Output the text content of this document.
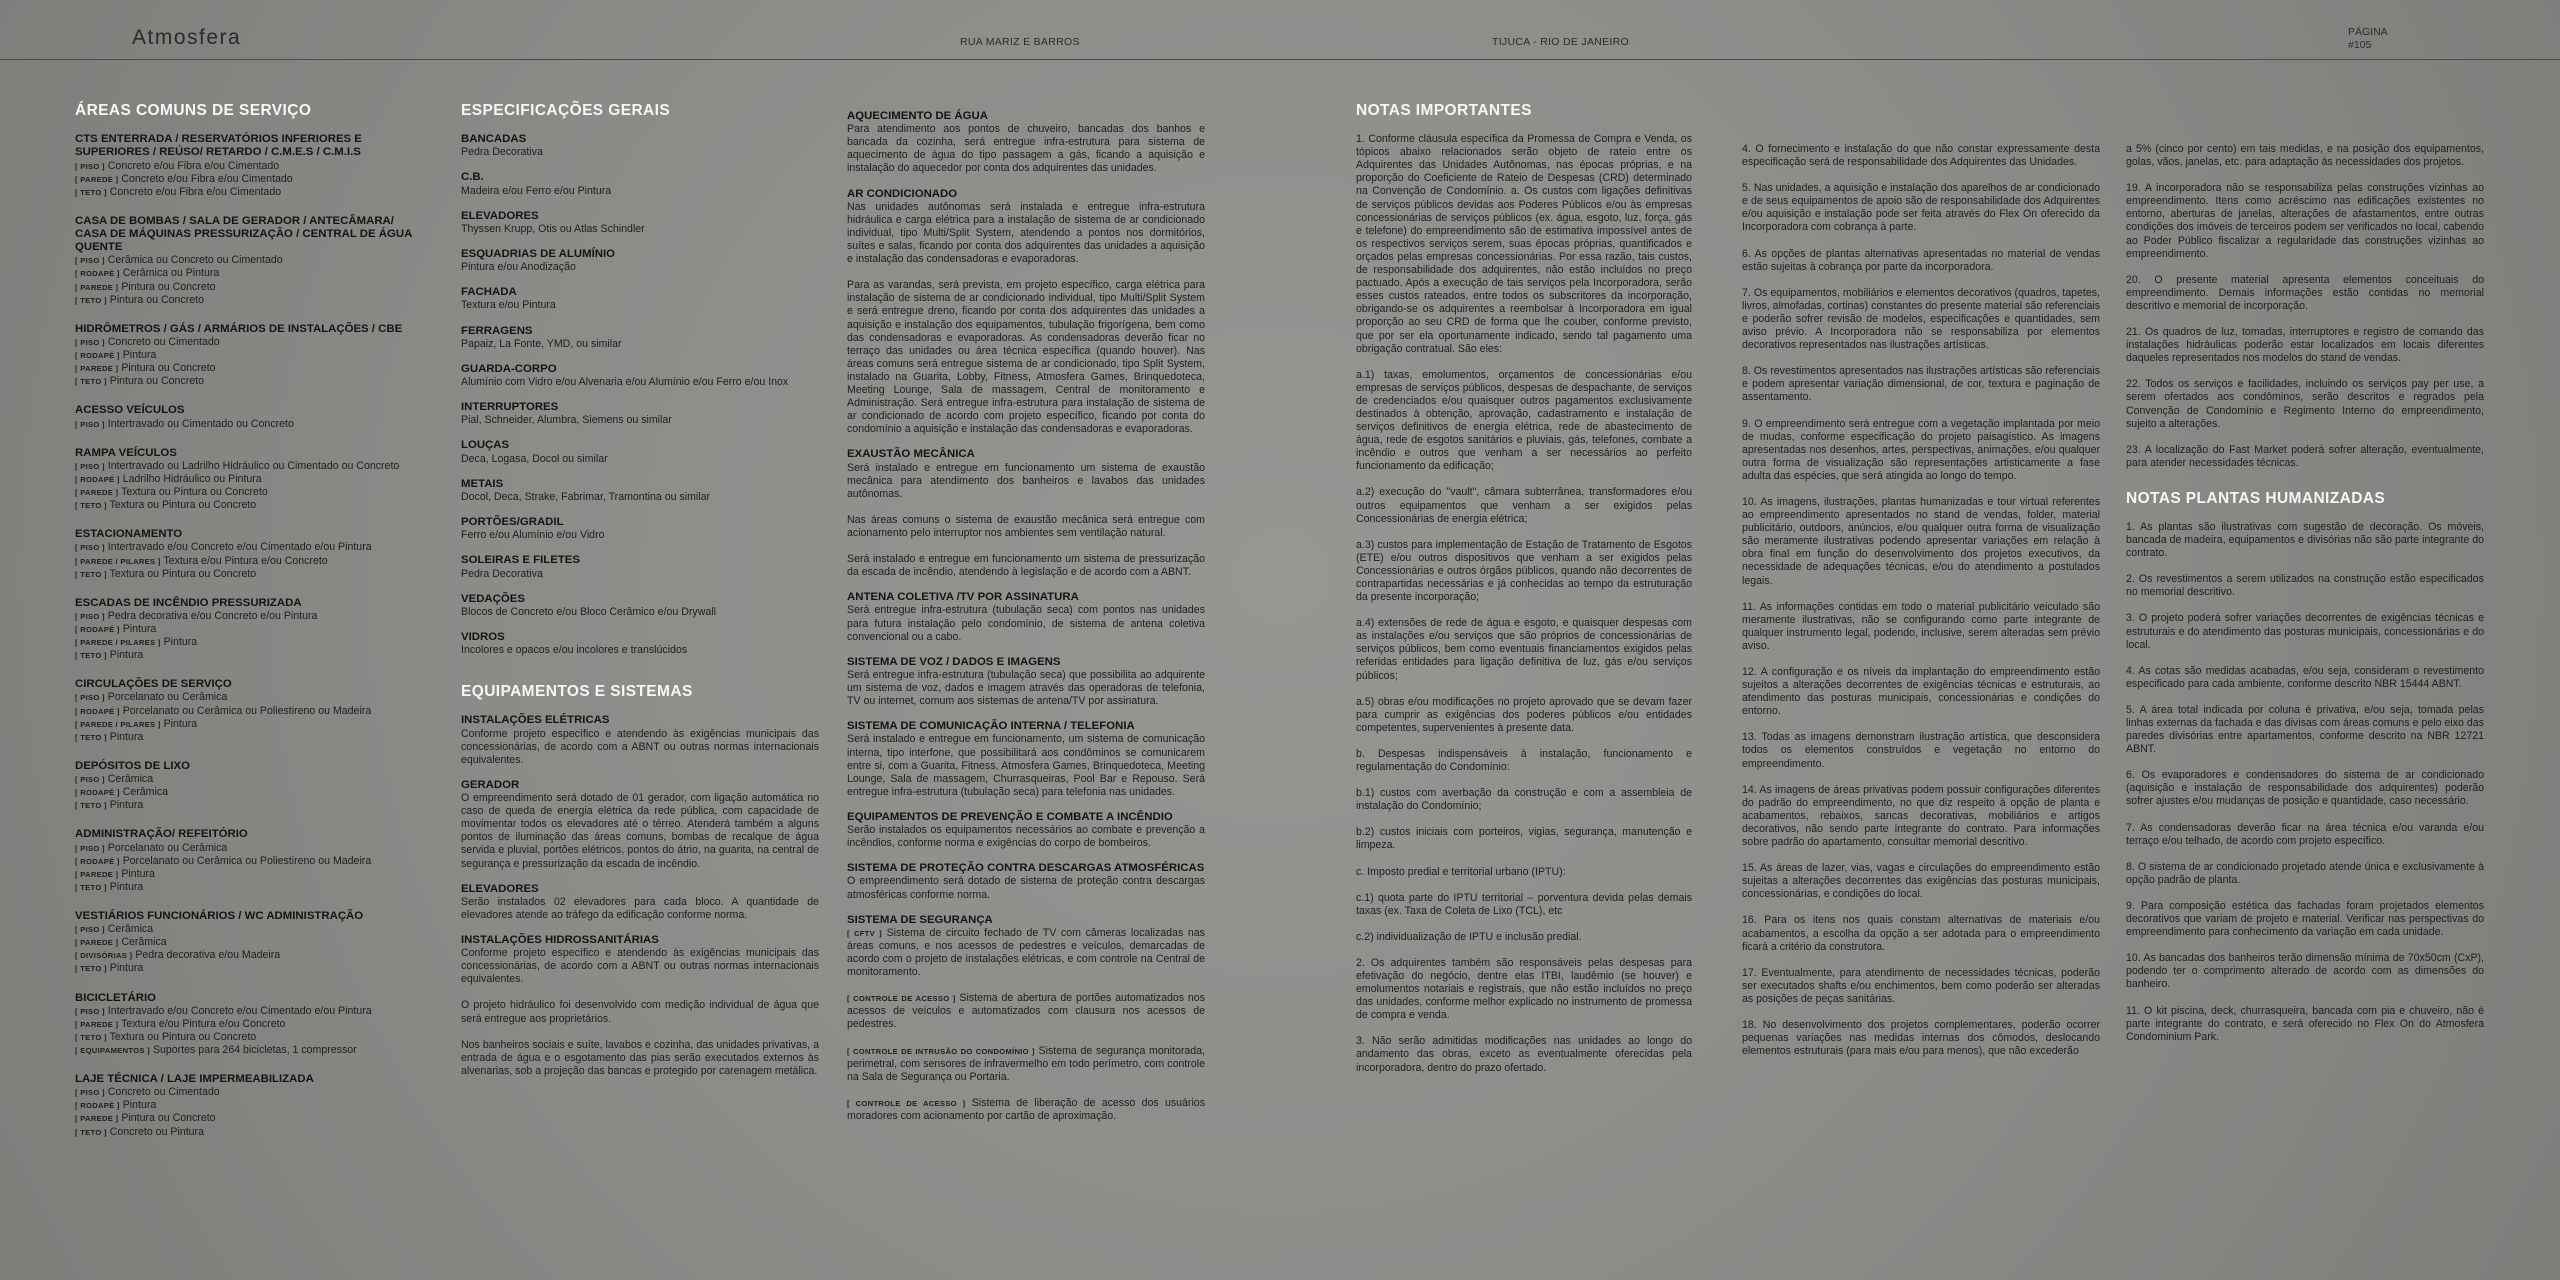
Atmosfera	RUA MARIZ E BARROS	TIJUCA - RIO DE JANEIRO
PÁGINA
#105
ÁREAS COMUNS DE SERVIÇO
CTS ENTERRADA / RESERVATÓRIOS INFERIORES E SUPERIORES / REÚSO/ RETARDO / C.M.E.S / C.M.I.S
[ PISO ] Concreto e/ou Fibra e/ou Cimentado
[ PAREDE ] Concreto e/ou Fibra e/ou Cimentado
[ TETO ] Concreto e/ou Fibra e/ou Cimentado
CASA DE BOMBAS / SALA DE GERADOR / ANTECÂMARA/ CASA DE MÁQUINAS PRESSURIZAÇÃO / CENTRAL DE ÁGUA QUENTE
[ PISO ] Cerâmica ou Concreto ou Cimentado
[ RODAPÉ ] Cerâmica ou Pintura
[ PAREDE ] Pintura ou Concreto
[ TETO ] Pintura ou Concreto
HIDRÔMETROS / GÁS / ARMÁRIOS DE INSTALAÇÕES / CBE
[ PISO ] Concreto ou Cimentado
[ RODAPÉ ] Pintura
[ PAREDE ] Pintura ou Concreto
[ TETO ] Pintura ou Concreto
ACESSO VEÍCULOS
[ PISO ] Intertravado ou Cimentado ou Concreto
RAMPA VEÍCULOS
[ PISO ] Intertravado ou Ladrilho Hidráulico ou Cimentado ou Concreto
[ RODAPÉ ] Ladrilho Hidráulico ou Pintura
[ PAREDE ] Textura ou Pintura ou Concreto
[ TETO ] Textura ou Pintura ou Concreto
ESTACIONAMENTO
[ PISO ] Intertravado e/ou Concreto e/ou Cimentado e/ou Pintura
[ PAREDE / PILARES ] Textura e/ou Pintura e/ou Concreto
[ TETO ] Textura ou Pintura ou Concreto
ESCADAS DE INCÊNDIO PRESSURIZADA
[ PISO ] Pedra decorativa e/ou Concreto e/ou Pintura
[ RODAPÉ ] Pintura
[ PAREDE / PILARES ] Pintura
[ TETO ] Pintura
CIRCULAÇÕES DE SERVIÇO
[ PISO ] Porcelanato ou Cerâmica
[ RODAPÉ ] Porcelanato ou Cerâmica ou Poliestireno ou Madeira
[ PAREDE / PILARES ] Pintura
[ TETO ] Pintura
DEPÓSITOS DE LIXO
[ PISO ] Cerâmica
[ RODAPÉ ] Cerâmica
[ TETO ] Pintura
ADMINISTRAÇÃO/ REFEITÓRIO
[ PISO ] Porcelanato ou Cerâmica
[ RODAPÉ ] Porcelanato ou Cerâmica ou Poliestireno ou Madeira
[ PAREDE ] Pintura
[ TETO ] Pintura
VESTIÁRIOS FUNCIONÁRIOS / WC ADMINISTRAÇÃO
[ PISO ] Cerâmica
[ PAREDE ] Cerâmica
[ DIVISÓRIAS ] Pedra decorativa e/ou Madeira
[ TETO ] Pintura
BICICLETÁRIO
[ PISO ] Intertravado e/ou Concreto e/ou Cimentado e/ou Pintura
[ PAREDE ] Textura e/ou Pintura e/ou Concreto
[ TETO ] Textura ou Pintura ou Concreto
[ EQUIPAMENTOS ] Suportes para 264 bicicletas, 1 compressor
LAJE TÉCNICA / LAJE IMPERMEABILIZADA
[ PISO ] Concreto ou Cimentado
[ RODAPÉ ] Pintura
[ PAREDE ] Pintura ou Concreto
[ TETO ] Concreto ou Pintura
ESPECIFICAÇÕES GERAIS
BANCADAS
Pedra Decorativa
C.B.
Madeira e/ou Ferro e/ou Pintura
ELEVADORES
Thyssen Krupp, Otis ou Atlas Schindler
ESQUADRIAS DE ALUMÍNIO
Pintura e/ou Anodização
FACHADA
Textura e/ou Pintura
FERRAGENS
Papaiz, La Fonte, YMD, ou similar
GUARDA-CORPO
Alumínio com Vidro e/ou Alvenaria e/ou Alumínio e/ou Ferro e/ou Inox
INTERRUPTORES
Pial, Schneider, Alumbra, Siemens ou similar
LOUÇAS
Deca, Logasa, Docol ou similar
METAIS
Docol, Deca, Strake, Fabrimar, Tramontina ou similar
PORTÕES/GRADIL
Ferro e/ou Alumínio e/ou Vidro
SOLEIRAS E FILETES
Pedra Decorativa
VEDAÇÕES
Blocos de Concreto e/ou Bloco Cerâmico e/ou Drywall
VIDROS
Incolores e opacos e/ou incolores e translúcidos
EQUIPAMENTOS E SISTEMAS
INSTALAÇÕES ELÉTRICAS
Conforme projeto específico e atendendo às exigências municipais das concessionárias, de acordo com a ABNT ou outras normas internacionais equivalentes.
GERADOR
O empreendimento será dotado de 01 gerador, com ligação automática no caso de queda de energia elétrica da rede pública, com capacidade de movimentar todos os elevadores até o térreo. Atenderá também a alguns pontos de iluminação das áreas comuns, bombas de recalque de água servida e pluvial, portões elétricos, pontos do átrio, na guarita, na central de segurança e pressurização da escada de incêndio.
ELEVADORES
Serão instalados 02 elevadores para cada bloco. A quantidade de elevadores atende ao tráfego da edificação conforme norma.
INSTALAÇÕES HIDROSSANITÁRIAS
Conforme projeto específico e atendendo às exigências municipais das concessionárias, de acordo com a ABNT ou outras normas internacionais equivalentes.
O projeto hidráulico foi desenvolvido com medição individual de água que será entregue aos proprietários.
Nos banheiros sociais e suíte, lavabos e cozinha, das unidades privativas, a entrada de água e o esgotamento das pias serão executados externos às alvenarias, sob a projeção das bancas e protegido por carenagem metálica.
AQUECIMENTO DE ÁGUA
Para atendimento aos pontos de chuveiro, bancadas dos banhos e bancada da cozinha, será entregue infra-estrutura para sistema de aquecimento de água do tipo passagem a gás, ficando a aquisição e instalação do aquecedor por conta dos adquirentes das unidades.
AR CONDICIONADO
Nas unidades autônomas será instalada e entregue infra-estrutura hidráulica e carga elétrica para a instalação de sistema de ar condicionado individual, tipo Multi/Split System, atendendo a pontos nos dormitórios, suítes e salas, ficando por conta dos adquirentes das unidades a aquisição e instalação das condensadoras e evaporadoras.
Para as varandas, será prevista, em projeto específico, carga elétrica para instalação de sistema de ar condicionado individual, tipo Multi/Split System e será entregue dreno, ficando por conta dos adquirentes das unidades a aquisição e instalação dos equipamentos, tubulação frigorígena, bem como das condensadoras e evaporadoras. As condensadoras deverão ficar no terraço das unidades ou área técnica específica (quando houver). Nas áreas comuns será entregue sistema de ar condicionado, tipo Split System, instalado na Guarita, Lobby, Fitness, Atmosfera Games, Brinquedoteca, Meeting Lounge, Sala de massagem, Central de monitoramento e Administração. Será entregue infra-estrutura para instalação de sistema de ar condicionado de acordo com projeto específico, ficando por conta do condomínio a aquisição e instalação das condensadoras e evaporadoras.
EXAUSTÃO MECÂNICA
Será instalado e entregue em funcionamento um sistema de exaustão mecânica para atendimento dos banheiros e lavabos das unidades autônomas.
Nas áreas comuns o sistema de exaustão mecânica será entregue com acionamento pelo interruptor nos ambientes sem ventilação natural.
Será instalado e entregue em funcionamento um sistema de pressurização da escada de incêndio, atendendo à legislação e de acordo com a ABNT.
ANTENA COLETIVA /TV POR ASSINATURA
Será entregue infra-estrutura (tubulação seca) com pontos nas unidades para futura instalação pelo condomínio, de sistema de antena coletiva convencional ou a cabo.
SISTEMA DE VOZ / DADOS E IMAGENS
Será entregue infra-estrutura (tubulação seca) que possibilita ao adquirente um sistema de voz, dados e imagem através das operadoras de telefonia, TV ou internet, comum aos sistemas de antena/TV por assinatura.
SISTEMA DE COMUNICAÇÃO INTERNA / TELEFONIA
Será instalado e entregue em funcionamento, um sistema de comunicação interna, tipo interfone, que possibilitará aos condôminos se comunicarem entre si, com a Guarita, Fitness, Atmosfera Games, Brinquedoteca, Meeting Lounge, Sala de massagem, Churrasqueiras, Pool Bar e Repouso. Será entregue infra-estrutura (tubulação seca) para telefonia nas unidades.
EQUIPAMENTOS DE PREVENÇÃO E COMBATE A INCÊNDIO
Serão instalados os equipamentos necessários ao combate e prevenção a incêndios, conforme norma e exigências do corpo de bombeiros.
SISTEMA DE PROTEÇÃO CONTRA DESCARGAS ATMOSFÉRICAS
O empreendimento será dotado de sistema de proteção contra descargas atmosféricas conforme norma.
SISTEMA DE SEGURANÇA
[ CFTV ] Sistema de circuito fechado de TV com câmeras localizadas nas áreas comuns, e nos acessos de pedestres e veículos, demarcadas de acordo com o projeto de instalações elétricas, e com controle na Central de monitoramento.
[ CONTROLE DE ACESSO ] Sistema de abertura de portões automatizados nos acessos de veículos e automatizados com clausura nos acessos de pedestres.
[ CONTROLE DE INTRUSÃO DO CONDOMÍNIO ] Sistema de segurança monitorada, perimetral, com sensores de infravermelho em todo perímetro, com controle na Sala de Segurança ou Portaria.
[ CONTROLE DE ACESSO ] Sistema de liberação de acesso dos usuários moradores com acionamento por cartão de aproximação.
NOTAS IMPORTANTES
1. Conforme cláusula específica da Promessa de Compra e Venda, os tópicos abaixo relacionados serão objeto de rateio entre os Adquirentes das Unidades Autônomas, nas épocas próprias, e na proporção do Coeficiente de Rateio de Despesas (CRD) determinado na Convenção de Condomínio. a. Os custos com ligações definitivas de serviços públicos devidas aos Poderes Públicos e/ou às empresas concessionárias de serviços públicos (ex. água, esgoto, luz, força, gás e telefone) do empreendimento são de estimativa impossível antes de os respectivos serviços serem, suas épocas próprias, quantificados e orçados pelas empresas concessionárias. Por essa razão, tais custos, de responsabilidade dos adquirentes, não estão incluídos no preço pactuado. Após a execução de tais serviços pela Incorporadora, serão esses custos rateados, entre todos os subscritores da incorporação, obrigando-se os adquirentes a reembolsar à Incorporadora em igual proporção ao seu CRD de forma que lhe couber, conforme previsto, que por ser ela oportunamente indicado, sendo tal pagamento uma obrigação contratual. São eles:
a.1) taxas, emolumentos, orçamentos de concessionárias e/ou empresas de serviços públicos, despesas de despachante, de serviços de credenciados e/ou quaisquer outros pagamentos exclusivamente destinados à obtenção, aprovação, cadastramento e instalação de serviços definitivos de energia elétrica, rede de abastecimento de água, rede de esgotos sanitários e pluviais, gás, telefones, combate a incêndio e outros que venham a ser necessários ao perfeito funcionamento da edificação;
a.2) execução do "vault", câmara subterrânea, transformadores e/ou outros equipamentos que venham a ser exigidos pelas Concessionárias de energia elétrica;
a.3) custos para implementação de Estação de Tratamento de Esgotos (ETE) e/ou outros dispositivos que venham a ser exigidos pelas Concessionárias e outros órgãos públicos, quando não decorrentes de contrapartidas necessárias e já conhecidas ao tempo da estruturação da presente incorporação;
a.4) extensões de rede de água e esgoto, e quaisquer despesas com as instalações e/ou serviços que são próprios de concessionárias de serviços públicos, bem como eventuais financiamentos exigidos pelas referidas entidades para ligação definitiva de luz, gás e/ou serviços públicos;
a.5) obras e/ou modificações no projeto aprovado que se devam fazer para cumprir as exigências dos poderes públicos e/ou entidades competentes, supervenientes à presente data.
b. Despesas indispensáveis à instalação, funcionamento e regulamentação do Condomínio:
b.1) custos com averbação da construção e com a assembleia de instalação do Condomínio;
b.2) custos iniciais com porteiros, vigias, segurança, manutenção e limpeza.
c. Imposto predial e territorial urbano (IPTU):
c.1) quota parte do IPTU territorial – porventura devida pelas demais taxas (ex. Taxa de Coleta de Lixo (TCL), etc
c.2) individualização de IPTU e inclusão predial.
2. Os adquirentes também são responsáveis pelas despesas para efetivação do negócio, dentre elas ITBI, laudêmio (se houver) e emolumentos notariais e registrais, que não estão incluídos no preço das unidades, conforme melhor explicado no instrumento de promessa de compra e venda.
3. Não serão admitidas modificações nas unidades ao longo do andamento das obras, exceto as eventualmente oferecidas pela incorporadora, dentro do prazo ofertado.
4. O fornecimento e instalação do que não constar expressamente desta especificação será de responsabilidade dos Adquirentes das Unidades.
5. Nas unidades, a aquisição e instalação dos aparelhos de ar condicionado e de seus equipamentos de apoio são de responsabilidade dos Adquirentes e/ou aquisição e instalação pode ser feita através do Flex On oferecido da Incorporadora com cobrança à parte.
6. As opções de plantas alternativas apresentadas no material de vendas estão sujeitas à cobrança por parte da incorporadora.
7. Os equipamentos, mobiliários e elementos decorativos (quadros, tapetes, livros, almofadas, cortinas) constantes do presente material são referenciais e poderão sofrer revisão de modelos, especificações e quantidades, sem aviso prévio. A Incorporadora não se responsabiliza por elementos decorativos representados nas ilustrações artísticas.
8. Os revestimentos apresentados nas ilustrações artísticas são referenciais e podem apresentar variação dimensional, de cor, textura e paginação de assentamento.
9. O empreendimento será entregue com a vegetação implantada por meio de mudas, conforme especificação do projeto paisagístico. As imagens apresentadas nos desenhos, artes, perspectivas, animações, e/ou qualquer outra forma de visualização são representações artisticamente a fase adulta das espécies, que será atingida ao longo do tempo.
10. As imagens, ilustrações, plantas humanizadas e tour virtual referentes ao empreendimento apresentados no stand de vendas, folder, material publicitário, outdoors, anúncios, e/ou qualquer outra forma de visualização são meramente ilustrativas podendo apresentar variações em relação à obra final em função do desenvolvimento dos projetos executivos, da necessidade de adequações técnicas, e/ou do atendimento a postulados legais.
11. As informações contidas em todo o material publicitário veiculado são meramente ilustrativas, não se configurando como parte integrante de qualquer instrumento legal, podendo, inclusive, serem alteradas sem prévio aviso.
12. A configuração e os níveis da implantação do empreendimento estão sujeitos a alterações decorrentes de exigências técnicas e estruturais, ao atendimento das posturas municipais, concessionárias e condições do entorno.
13. Todas as imagens demonstram ilustração artística, que desconsidera todos os elementos construídos e vegetação no entorno do empreendimento.
14. As imagens de áreas privativas podem possuir configurações diferentes do padrão do empreendimento, no que diz respeito à opção de planta e acabamentos, rebaixos, sancas decorativas, mobiliários e artigos decorativos, não sendo parte integrante do contrato. Para informações sobre padrão do apartamento, consultar memorial descritivo.
15. As áreas de lazer, vias, vagas e circulações do empreendimento estão sujeitas a alterações decorrentes das exigências das posturas municipais, concessionárias, e condições do local.
16. Para os itens nos quais constam alternativas de materiais e/ou acabamentos, a escolha da opção a ser adotada para o empreendimento ficará a critério da construtora.
17. Eventualmente, para atendimento de necessidades técnicas, poderão ser executados shafts e/ou enchimentos, bem como poderão ser alteradas as posições de peças sanitárias.
18. No desenvolvimento dos projetos complementares, poderão ocorrer pequenas variações nas medidas internas dos cômodos, deslocando elementos estruturais (para mais e/ou para menos), que não excederão
a 5% (cinco por cento) em tais medidas, e na posição dos equipamentos, golas, vãos, janelas, etc. para adaptação às necessidades dos projetos.
19. A incorporadora não se responsabiliza pelas construções vizinhas ao empreendimento. Itens como acréscimo nas edificações existentes no entorno, aberturas de janelas, alterações de afastamentos, entre outras condições dos imóveis de terceiros podem ser verificados no local, cabendo ao Poder Público fiscalizar a regularidade das construções vizinhas ao empreendimento.
20. O presente material apresenta elementos conceituais do empreendimento. Demais informações estão contidas no memorial descritivo e memorial de incorporação.
21. Os quadros de luz, tomadas, interruptores e registro de comando das instalações hidráulicas poderão estar localizados em locais diferentes daqueles representados nos modelos do stand de vendas.
22. Todos os serviços e facilidades, incluindo os serviços pay per use, a serem ofertados aos condôminos, serão descritos e regrados pela Convenção de Condomínio e Regimento Interno do empreendimento, sujeito a alterações.
23. A localização do Fast Market poderá sofrer alteração, eventualmente, para atender necessidades técnicas.
NOTAS PLANTAS HUMANIZADAS
1. As plantas são ilustrativas com sugestão de decoração. Os móveis, bancada de madeira, equipamentos e divisórias não são parte integrante do contrato.
2. Os revestimentos a serem utilizados na construção estão especificados no memorial descritivo.
3. O projeto poderá sofrer variações decorrentes de exigências técnicas e estruturais e do atendimento das posturas municipais, concessionárias e do local.
4. As cotas são medidas acabadas, e/ou seja, consideram o revestimento especificado para cada ambiente, conforme descrito NBR 15444 ABNT.
5. A área total indicada por coluna é privativa, e/ou seja, tomada pelas linhas externas da fachada e das divisas com áreas comuns e pelo eixo das paredes divisórias entre apartamentos, conforme descrito na NBR 12721 ABNT.
6. Os evaporadores e condensadores do sistema de ar condicionado (aquisição e instalação de responsabilidade dos adquirentes) poderão sofrer ajustes e/ou mudanças de posição e quantidade, caso necessário.
7. As condensadoras deverão ficar na área técnica e/ou varanda e/ou terraço e/ou telhado, de acordo com projeto específico.
8. O sistema de ar condicionado projetado atende única e exclusivamente à opção padrão de planta.
9. Para composição estética das fachadas foram projetados elementos decorativos que variam de projeto e material. Verificar nas perspectivas do empreendimento para conhecimento da variação em cada unidade.
10. As bancadas dos banheiros terão dimensão mínima de 70x50cm (CxP), podendo ter o comprimento alterado de acordo com as dimensões do banheiro.
11. O kit piscina, deck, churrasqueira, bancada com pia e chuveiro, não é parte integrante do contrato, e será oferecido no Flex On do Atmosfera Condominium Park.
